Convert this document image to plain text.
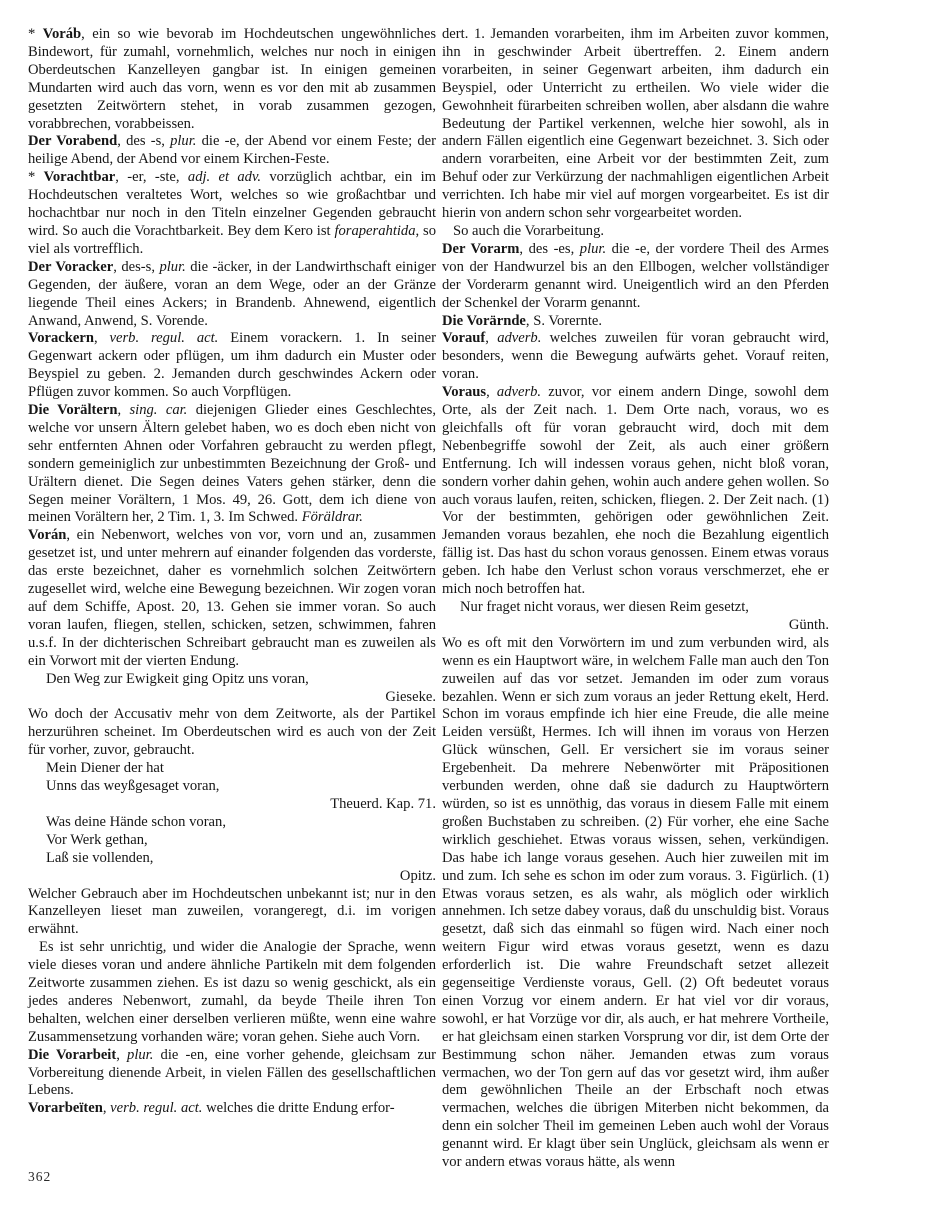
* Voráb, ein so wie bevorab im Hochdeutschen ungewöhnliches Bindewort, für zumahl, vornehmlich, welches nur noch in einigen Oberdeutschen Kanzelleyen gangbar ist. In einigen gemeinen Mundarten wird auch das vorn, wenn es vor den mit ab zusammen gesetzten Zeitwörtern stehet, in vorab zusammen gezogen, vorabbrechen, vorabbeissen.

Der Vorabend, des -s, plur. die -e, der Abend vor einem Feste; der heilige Abend, der Abend vor einem Kirchen-Feste.

* Vorachtbar, -er, -ste, adj. et adv. vorzüglich achtbar, ein im Hochdeutschen veraltetes Wort, welches so wie großachtbar und hochachtbar nur noch in den Titeln einzelner Gegenden gebraucht wird. So auch die Vorachtbarkeit. Bey dem Kero ist foraperahtida, so viel als vortrefflich.

Der Voracker, des-s, plur. die -äcker, in der Landwirthschaft einiger Gegenden, der äußere, voran an dem Wege, oder an der Gränze liegende Theil eines Ackers; in Brandenb. Ahnewend, eigentlich Anwand, Anwend, S. Vorende.

Vorackern, verb. regul. act. Einem vorackern. 1. In seiner Gegenwart ackern oder pflügen, um ihm dadurch ein Muster oder Beyspiel zu geben. 2. Jemanden durch geschwindes Ackern oder Pflügen zuvor kommen. So auch Vorpflügen.

Die Vorältern, sing. car. diejenigen Glieder eines Geschlechtes, welche vor unsern Ältern gelebet haben, wo es doch eben nicht von sehr entfernten Ahnen oder Vorfahren gebraucht zu werden pflegt, sondern gemeiniglich zur unbestimmten Bezeichnung der Groß- und Urältern dienet. Die Segen deines Vaters gehen stärker, denn die Segen meiner Vorältern, 1 Mos. 49, 26. Gott, dem ich diene von meinen Vorältern her, 2 Tim. 1, 3. Im Schwed. Föräldrar.

Vorán, ein Nebenwort, welches von vor, vorn und an, zusammen gesetzet ist, und unter mehrern auf einander folgenden das vorderste, das erste bezeichnet, daher es vornehmlich solchen Zeitwörtern zugesellet wird, welche eine Bewegung bezeichnen. Wir zogen voran auf dem Schiffe, Apost. 20, 13. Gehen sie immer voran. So auch voran laufen, fliegen, stellen, schicken, setzen, schwimmen, fahren u.s.f. In der dichterischen Schreibart gebraucht man es zuweilen als ein Vorwort mit der vierten Endung.

Den Weg zur Ewigkeit ging Opitz uns voran,

Gieseke.

Wo doch der Accusativ mehr von dem Zeitworte, als der Partikel herzurühren scheinet. Im Oberdeutschen wird es auch von der Zeit für vorher, zuvor, gebraucht.

Mein Diener der hat

Unns das weyßgesaget voran,

Theuerd. Kap. 71.

Was deine Hände schon voran,

Vor Werk gethan,

Laß sie vollenden,

Opitz.

Welcher Gebrauch aber im Hochdeutschen unbekannt ist; nur in den Kanzelleyen lieset man zuweilen, vorangeregt, d.i. im vorigen erwähnt.

Es ist sehr unrichtig, und wider die Analogie der Sprache, wenn viele dieses voran und andere ähnliche Partikeln mit dem folgenden Zeitworte zusammen ziehen. Es ist dazu so wenig geschickt, als ein jedes anderes Nebenwort, zumahl, da beyde Theile ihren Ton behalten, welchen einer derselben verlieren müßte, wenn eine wahre Zusammensetzung vorhanden wäre; voran gehen. Siehe auch Vorn.

Die Vorarbeit, plur. die -en, eine vorher gehende, gleichsam zur Vorbereitung dienende Arbeit, in vielen Fällen des gesellschaftlichen Lebens.

Vorarbeïten, verb. regul. act. welches die dritte Endung erfor-

dert. 1. Jemanden vorarbeiten, ihm im Arbeiten zuvor kommen, ihn in geschwinder Arbeit übertreffen. 2. Einem andern vorarbeiten, in seiner Gegenwart arbeiten, ihm dadurch ein Beyspiel, oder Unterricht zu ertheilen. Wo viele wider die Gewohnheit fürarbeiten schreiben wollen, aber alsdann die wahre Bedeutung der Partikel verkennen, welche hier sowohl, als in andern Fällen eigentlich eine Gegenwart bezeichnet. 3. Sich oder andern vorarbeiten, eine Arbeit vor der bestimmten Zeit, zum Behuf oder zur Verkürzung der nachmahligen eigentlichen Arbeit verrichten. Ich habe mir viel auf morgen vorgearbeitet. Es ist dir hierin von andern schon sehr vorgearbeitet worden.

So auch die Vorarbeitung.

Der Vorarm, des -es, plur. die -e, der vordere Theil des Armes von der Handwurzel bis an den Ellbogen, welcher vollständiger der Vorderarm genannt wird. Uneigentlich wird an den Pferden der Schenkel der Vorarm genannt.

Die Vorärnde, S. Vorernte.

Vorauf, adverb. welches zuweilen für voran gebraucht wird, besonders, wenn die Bewegung aufwärts gehet. Vorauf reiten, voran.

Voraus, adverb. zuvor, vor einem andern Dinge, sowohl dem Orte, als der Zeit nach. 1. Dem Orte nach, voraus, wo es gleichfalls oft für voran gebraucht wird, doch mit dem Nebenbegriffe sowohl der Zeit, als auch einer größern Entfernung. Ich will indessen voraus gehen, nicht bloß voran, sondern vorher dahin gehen, wohin auch andere gehen wollen. So auch voraus laufen, reiten, schicken, fliegen. 2. Der Zeit nach. (1) Vor der bestimmten, gehörigen oder gewöhnlichen Zeit. Jemanden voraus bezahlen, ehe noch die Bezahlung eigentlich fällig ist. Das hast du schon voraus genossen. Einem etwas voraus geben. Ich habe den Verlust schon voraus verschmerzet, ehe er mich noch betroffen hat.

Nur fraget nicht voraus, wer diesen Reim gesetzt,

Günth.

Wo es oft mit den Vorwörtern im und zum verbunden wird, als wenn es ein Hauptwort wäre, in welchem Falle man auch den Ton zuweilen auf das vor setzet. Jemanden im oder zum voraus bezahlen. Wenn er sich zum voraus an jeder Rettung ekelt, Herd. Schon im voraus empfinde ich hier eine Freude, die alle meine Leiden versüßt, Hermes. Ich will ihnen im voraus von Herzen Glück wünschen, Gell. Er versichert sie im voraus seiner Ergebenheit. Da mehrere Nebenwörter mit Präpositionen verbunden werden, ohne daß sie dadurch zu Hauptwörtern würden, so ist es unnöthig, das voraus in diesem Falle mit einem großen Buchstaben zu schreiben. (2) Für vorher, ehe eine Sache wirklich geschiehet. Etwas voraus wissen, sehen, verkündigen. Das habe ich lange voraus gesehen. Auch hier zuweilen mit im und zum. Ich sehe es schon im oder zum voraus. 3. Figürlich. (1) Etwas voraus setzen, es als wahr, als möglich oder wirklich annehmen. Ich setze dabey voraus, daß du unschuldig bist. Voraus gesetzt, daß sich das einmahl so fügen wird. Nach einer noch weitern Figur wird etwas voraus gesetzt, wenn es dazu erforderlich ist. Die wahre Freundschaft setzet allezeit gegenseitige Verdienste voraus, Gell. (2) Oft bedeutet voraus einen Vorzug vor einem andern. Er hat viel vor dir voraus, sowohl, er hat Vorzüge vor dir, als auch, er hat mehrere Vortheile, er hat gleichsam einen starken Vorsprung vor dir, ist dem Orte der Bestimmung schon näher. Jemanden etwas zum voraus vermachen, wo der Ton gern auf das vor gesetzt wird, ihm außer dem gewöhnlichen Theile an der Erbschaft noch etwas vermachen, welches die übrigen Miterben nicht bekommen, da denn ein solcher Theil im gemeinen Leben auch wohl der Voraus genannt wird. Er klagt über sein Unglück, gleichsam als wenn er vor andern etwas voraus hätte, als wenn

362
